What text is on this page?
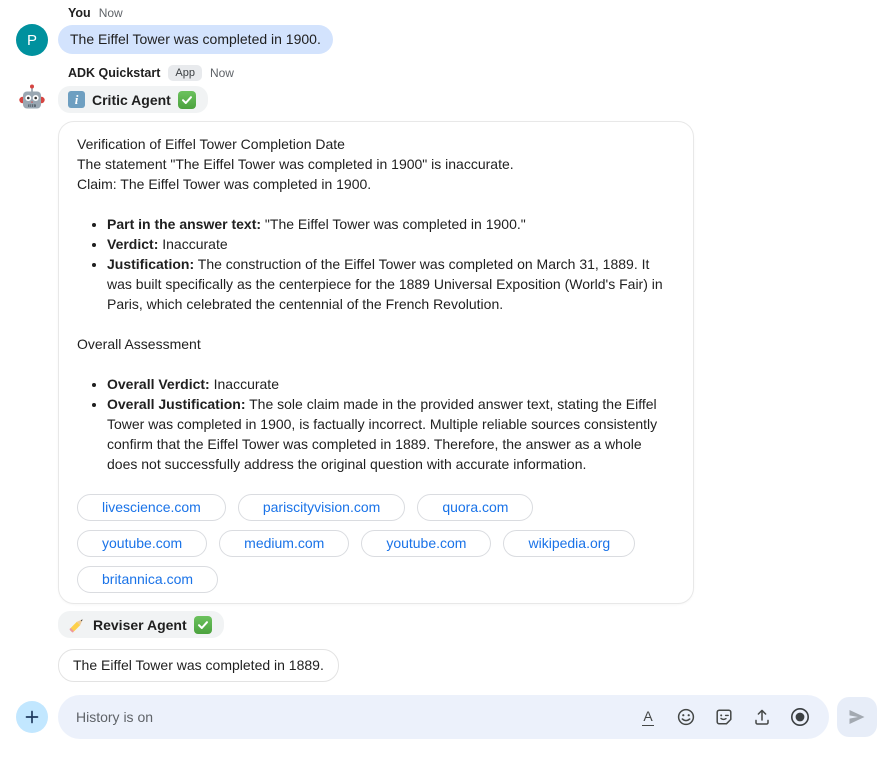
P
You Now
The Eiffel Tower was completed in 1900.
ADK Quickstart	App	Now
i Critic Agent

Verification of Eiffel Tower Completion Date

The statement "The Eiffel Tower was completed in 1900" is inaccurate.

Claim: The Eiffel Tower was completed in 1900.

• Part in the answer text: "The Eiffel Tower was completed in 1900."
• Verdict: Inaccurate
• Justification: The construction of the Eiffel Tower was completed on March 31, 1889. It was built specifically as the centerpiece for the 1889 Universal Exposition (World's Fair) in Paris, which celebrated the centennial of the French Revolution.

Overall Assessment

• Overall Verdict: Inaccurate
• Overall Justification: The sole claim made in the provided answer text, stating the Eiffel Tower was completed in 1900, is factually incorrect. Multiple reliable sources consistently confirm that the Eiffel Tower was completed in 1889. Therefore, the answer as a whole does not successfully address the original question with accurate information.
livescience.com	pariscityvision.com	quora.com
youtube.com	medium.com	youtube.com	wikipedia.org
britannica.com
Reviser Agent
The Eiffel Tower was completed in 1889.
History is on
A
